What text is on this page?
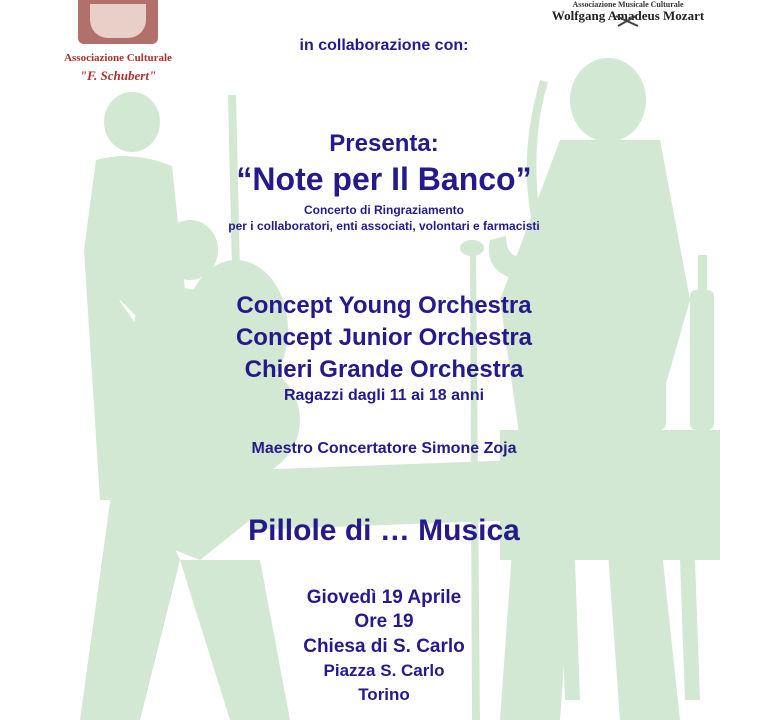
Associazione Culturale
"F. Schubert"
Associazione Musicale Culturale
Wolfgang Amadeus Mozart
in collaborazione con:
Presenta:
“Note per Il Banco”
Concerto di Ringraziamento
per i collaboratori, enti associati, volontari e farmacisti
Concept Young Orchestra
Concept Junior Orchestra
Chieri Grande Orchestra
Ragazzi dagli 11 ai 18 anni
Maestro Concertatore Simone Zoja
Pillole di … Musica
Giovedì 19 Aprile
Ore 19
Chiesa di S. Carlo
Piazza S. Carlo
Torino
